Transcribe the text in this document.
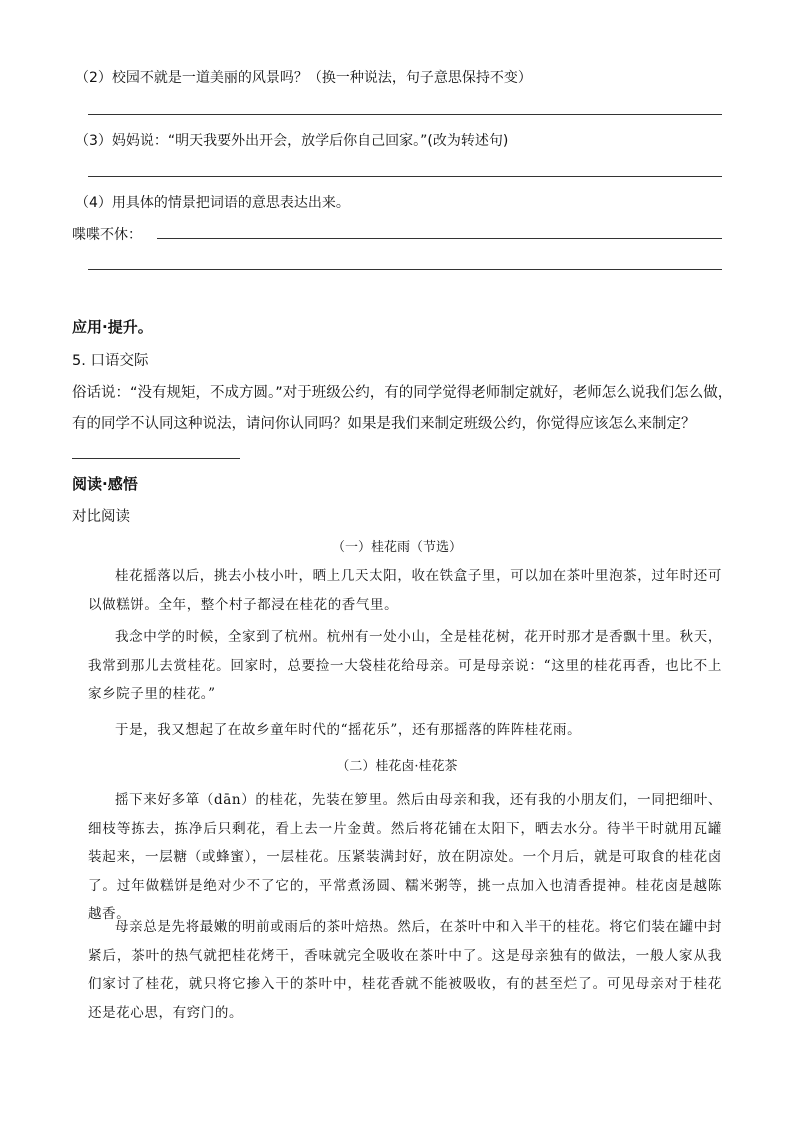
（2）校园不就是一道美丽的风景吗？（换一种说法，句子意思保持不变）
（3）妈妈说：“明天我要外出开会，放学后你自己回家。”(改为转述句)
（4）用具体的情景把词语的意思表达出来。
喋喋不休：
应用·提升。
5. 口语交际
俗话说：“没有规矩，不成方圆。”对于班级公约，有的同学觉得老师制定就好，老师怎么说我们怎么做，
有的同学不认同这种说法，请问你认同吗？如果是我们来制定班级公约，你觉得应该怎么来制定？
阅读·感悟
对比阅读
（一）桂花雨（节选）
桂花摇落以后，挑去小枝小叶，晒上几天太阳，收在铁盒子里，可以加在茶叶里泡茶，过年时还可以做糕饼。全年，整个村子都浸在桂花的香气里。
我念中学的时候，全家到了杭州。杭州有一处小山，全是桂花树，花开时那才是香飘十里。秋天，我常到那儿去赏桂花。回家时，总要捡一大袋桂花给母亲。可是母亲说：“这里的桂花再香，也比不上家乡院子里的桂花。”
于是，我又想起了在故乡童年时代的“摇花乐”，还有那摇落的阵阵桂花雨。
（二）桂花卤·桂花茶
摇下来好多箪（dān）的桂花，先装在箩里。然后由母亲和我，还有我的小朋友们，一同把细叶、细枝等拣去，拣净后只剩花，看上去一片金黄。然后将花铺在太阳下，晒去水分。待半干时就用瓦罐装起来，一层糖（或蜂蜜），一层桂花。压紧装满封好，放在阴凉处。一个月后，就是可取食的桂花卤了。过年做糕饼是绝对少不了它的，平常煮汤圆、糯米粥等，挑一点加入也清香提神。桂花卤是越陈越香。
母亲总是先将最嫩的明前或雨后的茶叶焙热。然后，在茶叶中和入半干的桂花。将它们装在罐中封紧后，茶叶的热气就把桂花烤干，香味就完全吸收在茶叶中了。这是母亲独有的做法，一般人家从我们家讨了桂花，就只将它掺入干的茶叶中，桂花香就不能被吸收，有的甚至烂了。可见母亲对于桂花还是花心思，有窍门的。
